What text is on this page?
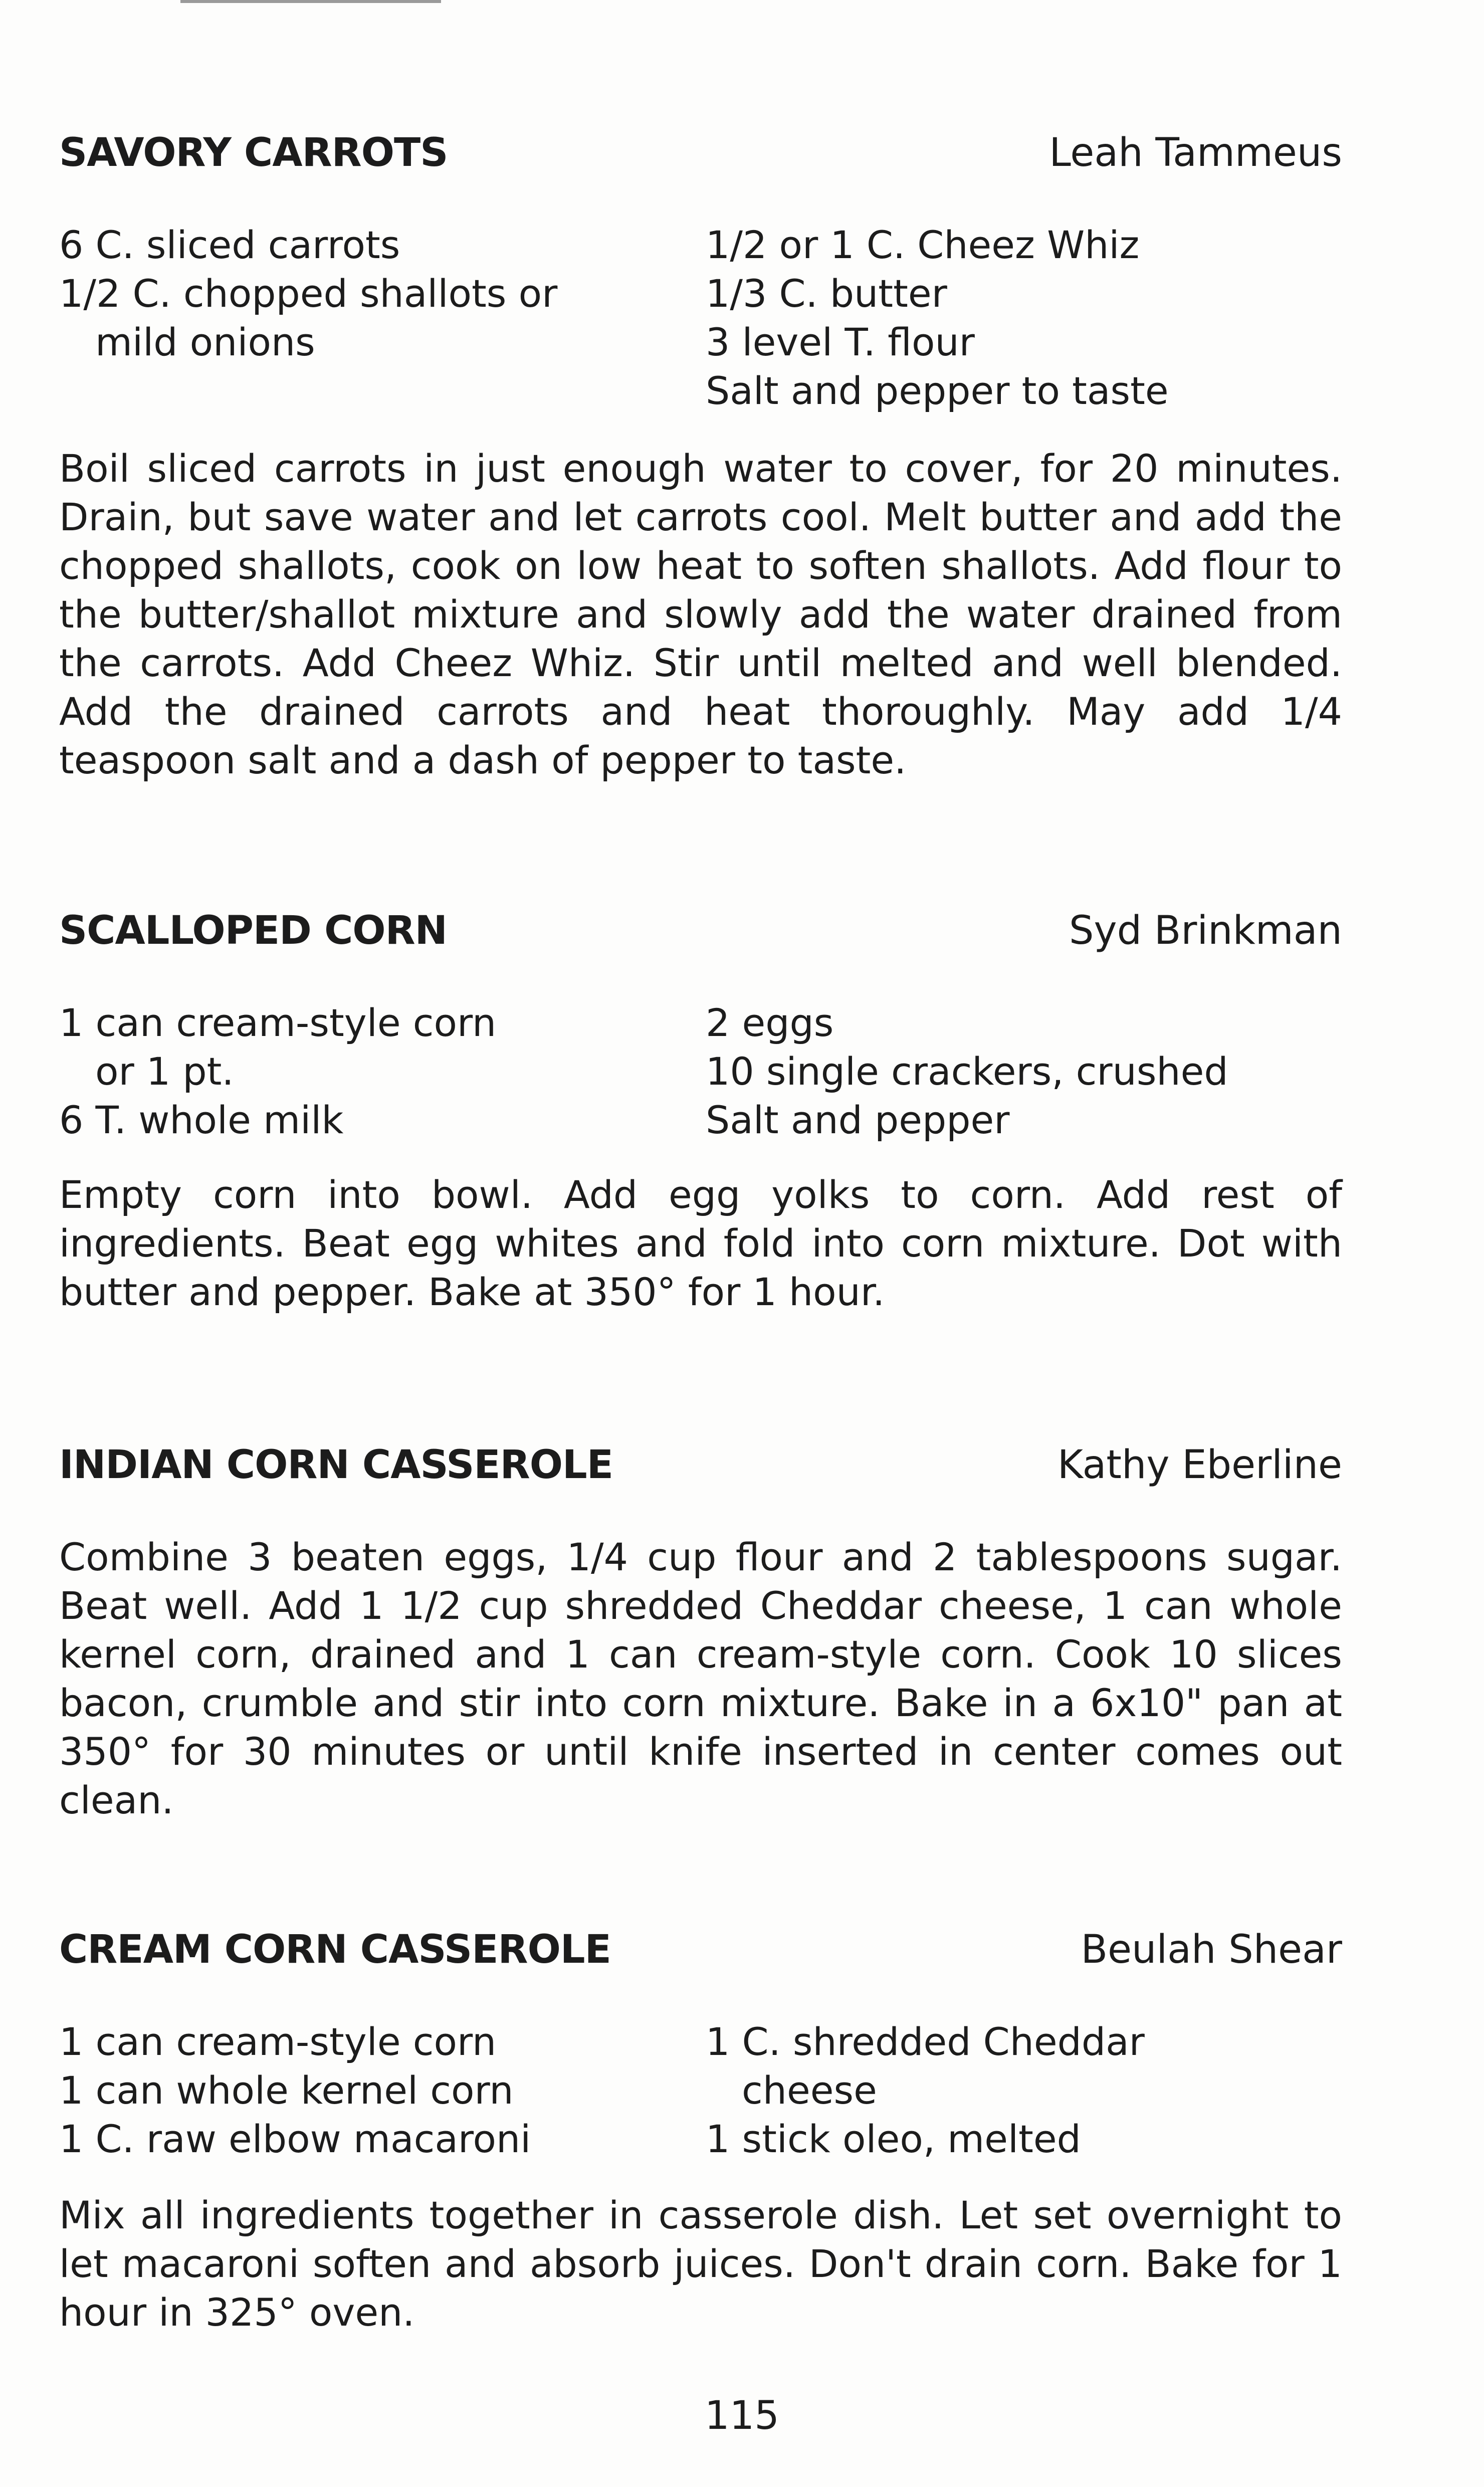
SAVORY CARROTS	Leah Tammeus
6 C. sliced carrots
1/2 C. chopped shallots or
mild onions
1/2 or 1 C. Cheez Whiz
1/3 C. butter
3 level T. flour
Salt and pepper to taste
Boil sliced carrots in just enough water to cover, for 20 minutes. Drain, but save water and let carrots cool. Melt butter and add the chopped shallots, cook on low heat to soften shallots. Add flour to the butter/shallot mixture and slowly add the water drained from the carrots. Add Cheez Whiz. Stir until melted and well blended. Add the drained carrots and heat thoroughly. May add 1/4 teaspoon salt and a dash of pepper to taste.
SCALLOPED CORN	Syd Brinkman
1 can cream-style corn
or 1 pt.
6 T. whole milk
2 eggs
10 single crackers, crushed
Salt and pepper
Empty corn into bowl. Add egg yolks to corn. Add rest of ingredients. Beat egg whites and fold into corn mixture. Dot with butter and pepper. Bake at 350° for 1 hour.
INDIAN CORN CASSEROLE	Kathy Eberline
Combine 3 beaten eggs, 1/4 cup flour and 2 tablespoons sugar. Beat well. Add 1 1/2 cup shredded Cheddar cheese, 1 can whole kernel corn, drained and 1 can cream-style corn. Cook 10 slices bacon, crumble and stir into corn mixture. Bake in a 6x10" pan at 350° for 30 minutes or until knife inserted in center comes out clean.
CREAM CORN CASSEROLE	Beulah Shear
1 can cream-style corn
1 can whole kernel corn
1 C. raw elbow macaroni
1 C. shredded Cheddar
cheese
1 stick oleo, melted
Mix all ingredients together in casserole dish. Let set overnight to let macaroni soften and absorb juices. Don't drain corn. Bake for 1 hour in 325° oven.
115
